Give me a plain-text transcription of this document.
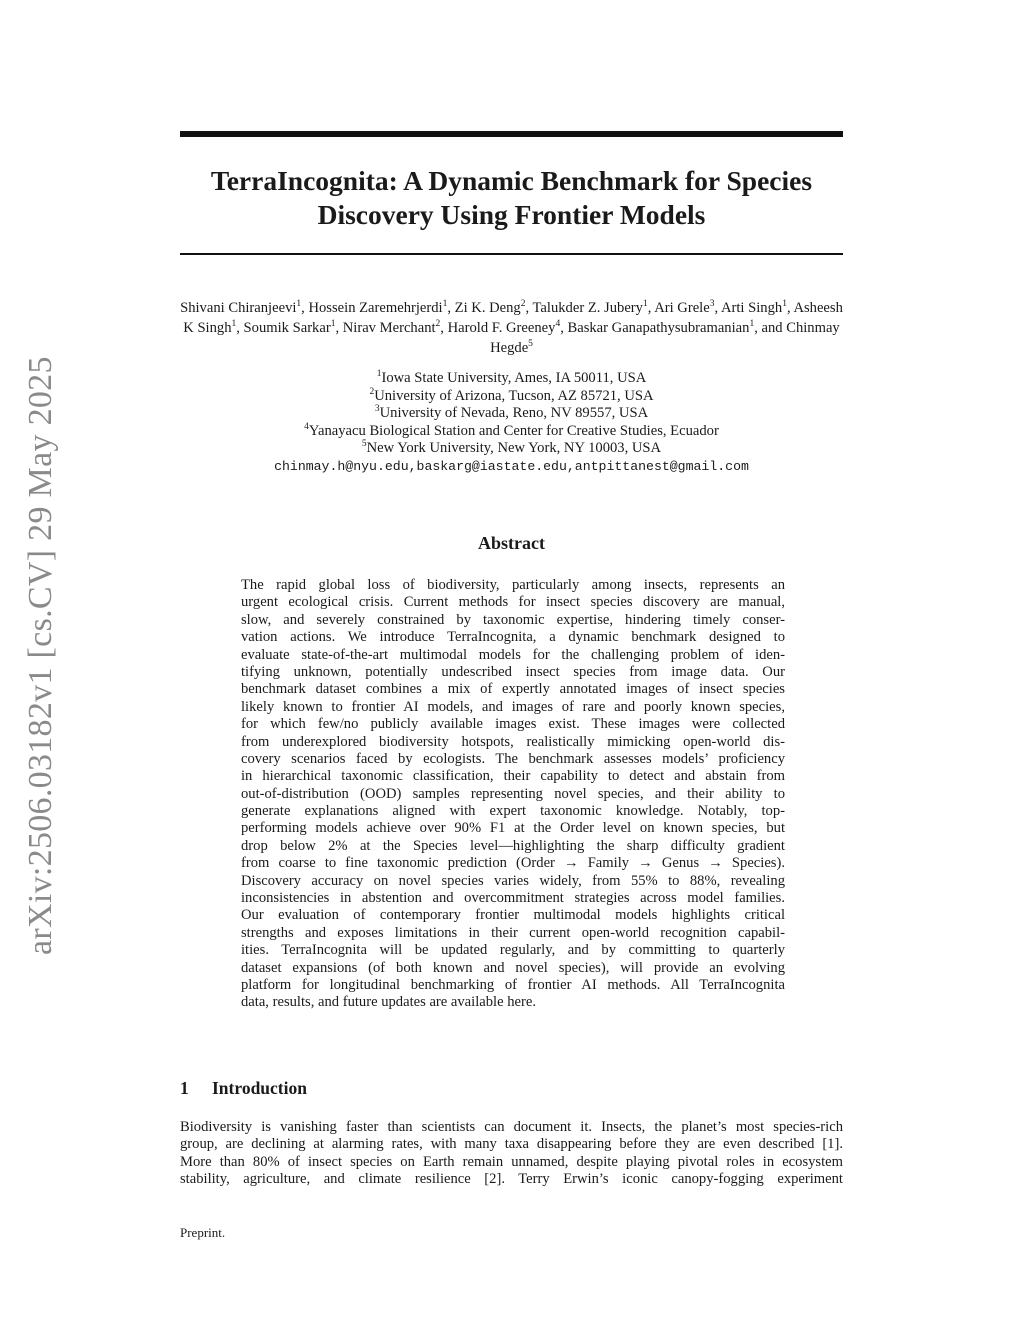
arXiv:2506.03182v1 [cs.CV] 29 May 2025
TerraIncognita: A Dynamic Benchmark for Species
Discovery Using Frontier Models
Shivani Chiranjeevi$^1$, Hossein Zaremehrjerdi$^1$, Zi K. Deng$^2$, Talukder Z. Jubery$^1$, Ari Grele$^3$, Arti Singh$^1$, Asheesh K Singh$^1$, Soumik Sarkar$^1$, Nirav Merchant$^2$, Harold F. Greeney$^4$, Baskar Ganapathysubramanian$^1$, and Chinmay Hegde$^5$
$^1$Iowa State University, Ames, IA 50011, USA
$^2$University of Arizona, Tucson, AZ 85721, USA
$^3$University of Nevada, Reno, NV 89557, USA
$^4$Yanayacu Biological Station and Center for Creative Studies, Ecuador
$^5$New York University, New York, NY 10003, USA
chinmay.h@nyu.edu,baskarg@iastate.edu,antpittanest@gmail.com
Abstract
The rapid global loss of biodiversity, particularly among insects, represents an
urgent ecological crisis. Current methods for insect species discovery are manual,
slow, and severely constrained by taxonomic expertise, hindering timely conser-
vation actions. We introduce TerraIncognita, a dynamic benchmark designed to
evaluate state-of-the-art multimodal models for the challenging problem of iden-
tifying unknown, potentially undescribed insect species from image data. Our
benchmark dataset combines a mix of expertly annotated images of insect species
likely known to frontier AI models, and images of rare and poorly known species,
for which few/no publicly available images exist. These images were collected
from underexplored biodiversity hotspots, realistically mimicking open-world dis-
covery scenarios faced by ecologists. The benchmark assesses models’ proficiency
in hierarchical taxonomic classification, their capability to detect and abstain from
out-of-distribution (OOD) samples representing novel species, and their ability to
generate explanations aligned with expert taxonomic knowledge. Notably, top-
performing models achieve over 90% F1 at the Order level on known species, but
drop below 2% at the Species level—highlighting the sharp difficulty gradient
from coarse to fine taxonomic prediction (Order → Family → Genus → Species).
Discovery accuracy on novel species varies widely, from 55% to 88%, revealing
inconsistencies in abstention and overcommitment strategies across model families.
Our evaluation of contemporary frontier multimodal models highlights critical
strengths and exposes limitations in their current open-world recognition capabil-
ities. TerraIncognita will be updated regularly, and by committing to quarterly
dataset expansions (of both known and novel species), will provide an evolving
platform for longitudinal benchmarking of frontier AI methods. All TerraIncognita
data, results, and future updates are available here.
1 Introduction
Biodiversity is vanishing faster than scientists can document it. Insects, the planet’s most species-rich
group, are declining at alarming rates, with many taxa disappearing before they are even described [1].
More than 80% of insect species on Earth remain unnamed, despite playing pivotal roles in ecosystem
stability, agriculture, and climate resilience [2]. Terry Erwin’s iconic canopy-fogging experiment
Preprint.
